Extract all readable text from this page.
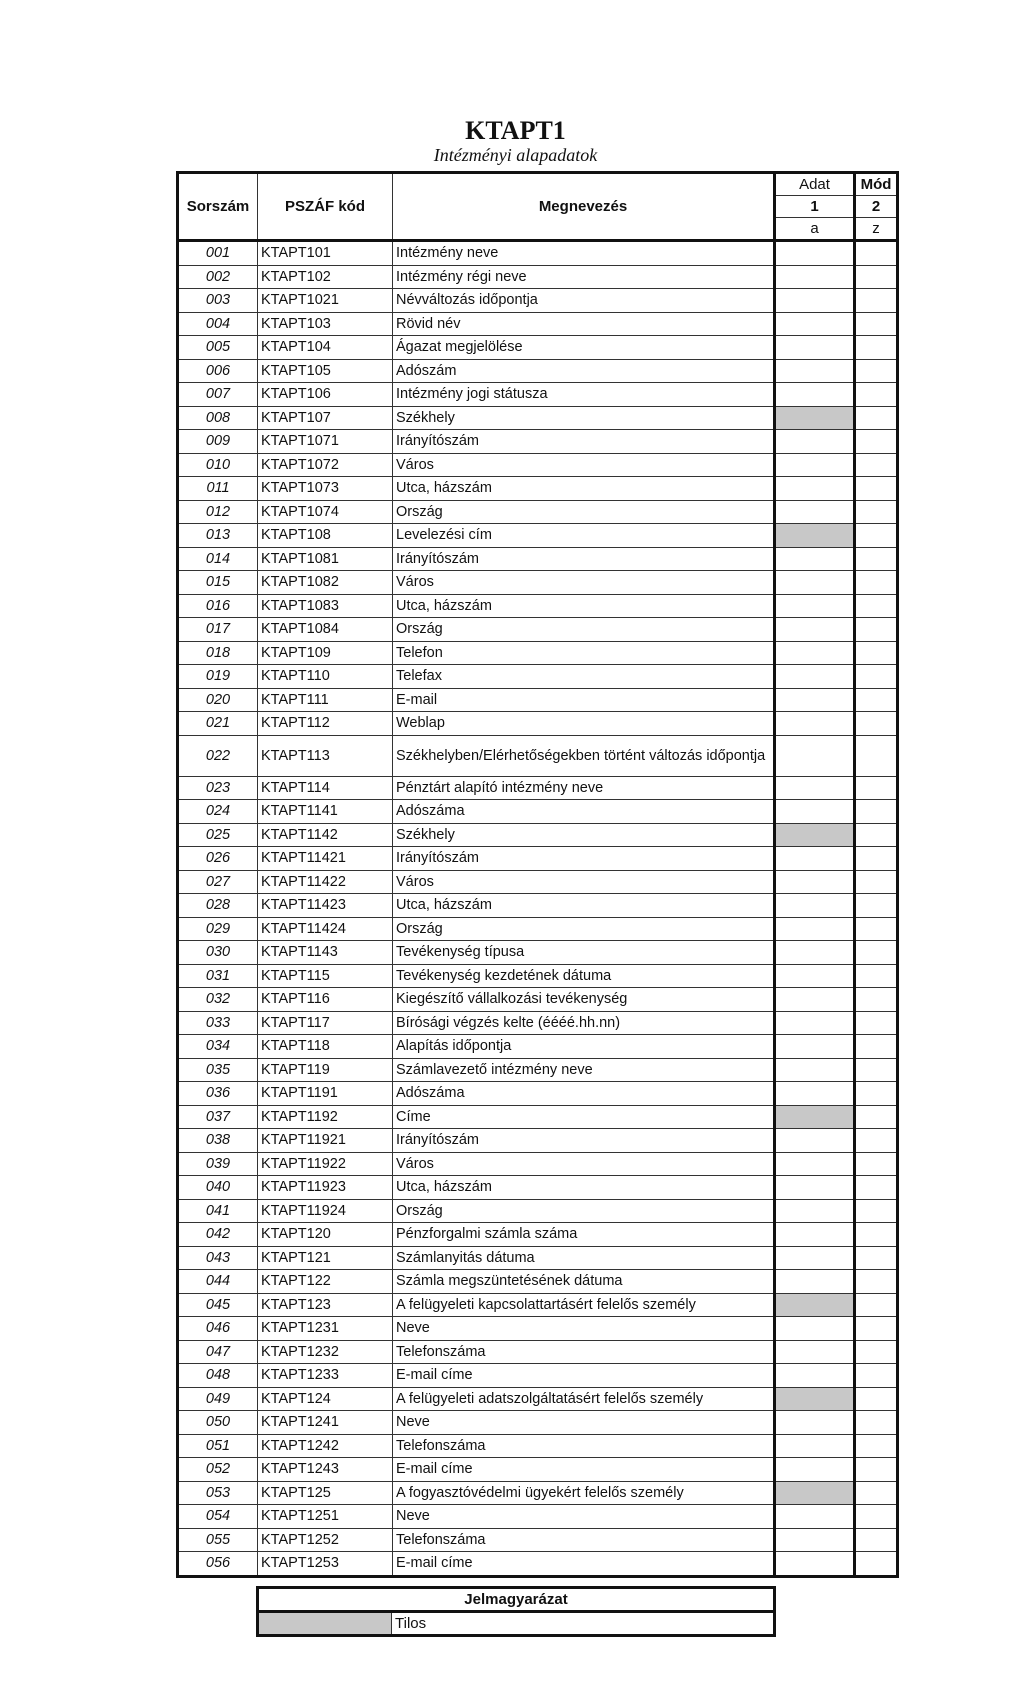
KTAPT1
Intézményi alapadatok
Sorszám	PSZÁF kód	Megnevezés	Adat	Mód
			1	2
			a	z
001	KTAPT101	Intézmény neve		
002	KTAPT102	Intézmény régi neve		
003	KTAPT1021	Névváltozás időpontja		
004	KTAPT103	Rövid név		
005	KTAPT104	Ágazat megjelölése		
006	KTAPT105	Adószám		
007	KTAPT106	Intézmény jogi státusza		
008	KTAPT107	Székhely		
009	KTAPT1071	Irányítószám		
010	KTAPT1072	Város		
011	KTAPT1073	Utca, házszám		
012	KTAPT1074	Ország		
013	KTAPT108	Levelezési cím		
014	KTAPT1081	Irányítószám		
015	KTAPT1082	Város		
016	KTAPT1083	Utca, házszám		
017	KTAPT1084	Ország		
018	KTAPT109	Telefon		
019	KTAPT110	Telefax		
020	KTAPT111	E-mail		
021	KTAPT112	Weblap		
022	KTAPT113	Székhelyben/Elérhetőségekben történt változás időpontja		
023	KTAPT114	Pénztárt alapító intézmény neve		
024	KTAPT1141	Adószáma		
025	KTAPT1142	Székhely		
026	KTAPT11421	Irányítószám		
027	KTAPT11422	Város		
028	KTAPT11423	Utca, házszám		
029	KTAPT11424	Ország		
030	KTAPT1143	Tevékenység típusa		
031	KTAPT115	Tevékenység kezdetének dátuma		
032	KTAPT116	Kiegészítő vállalkozási tevékenység		
033	KTAPT117	Bírósági végzés kelte (éééé.hh.nn)		
034	KTAPT118	Alapítás időpontja		
035	KTAPT119	Számlavezető intézmény neve		
036	KTAPT1191	Adószáma		
037	KTAPT1192	Címe		
038	KTAPT11921	Irányítószám		
039	KTAPT11922	Város		
040	KTAPT11923	Utca, házszám		
041	KTAPT11924	Ország		
042	KTAPT120	Pénzforgalmi számla száma		
043	KTAPT121	Számlanyitás dátuma		
044	KTAPT122	Számla megszüntetésének dátuma		
045	KTAPT123	A felügyeleti kapcsolattartásért felelős személy		
046	KTAPT1231	Neve		
047	KTAPT1232	Telefonszáma		
048	KTAPT1233	E-mail címe		
049	KTAPT124	A felügyeleti adatszolgáltatásért felelős személy		
050	KTAPT1241	Neve		
051	KTAPT1242	Telefonszáma		
052	KTAPT1243	E-mail címe		
053	KTAPT125	A fogyasztóvédelmi ügyekért felelős személy		
054	KTAPT1251	Neve		
055	KTAPT1252	Telefonszáma		
056	KTAPT1253	E-mail címe		
Jelmagyarázat
	Tilos
